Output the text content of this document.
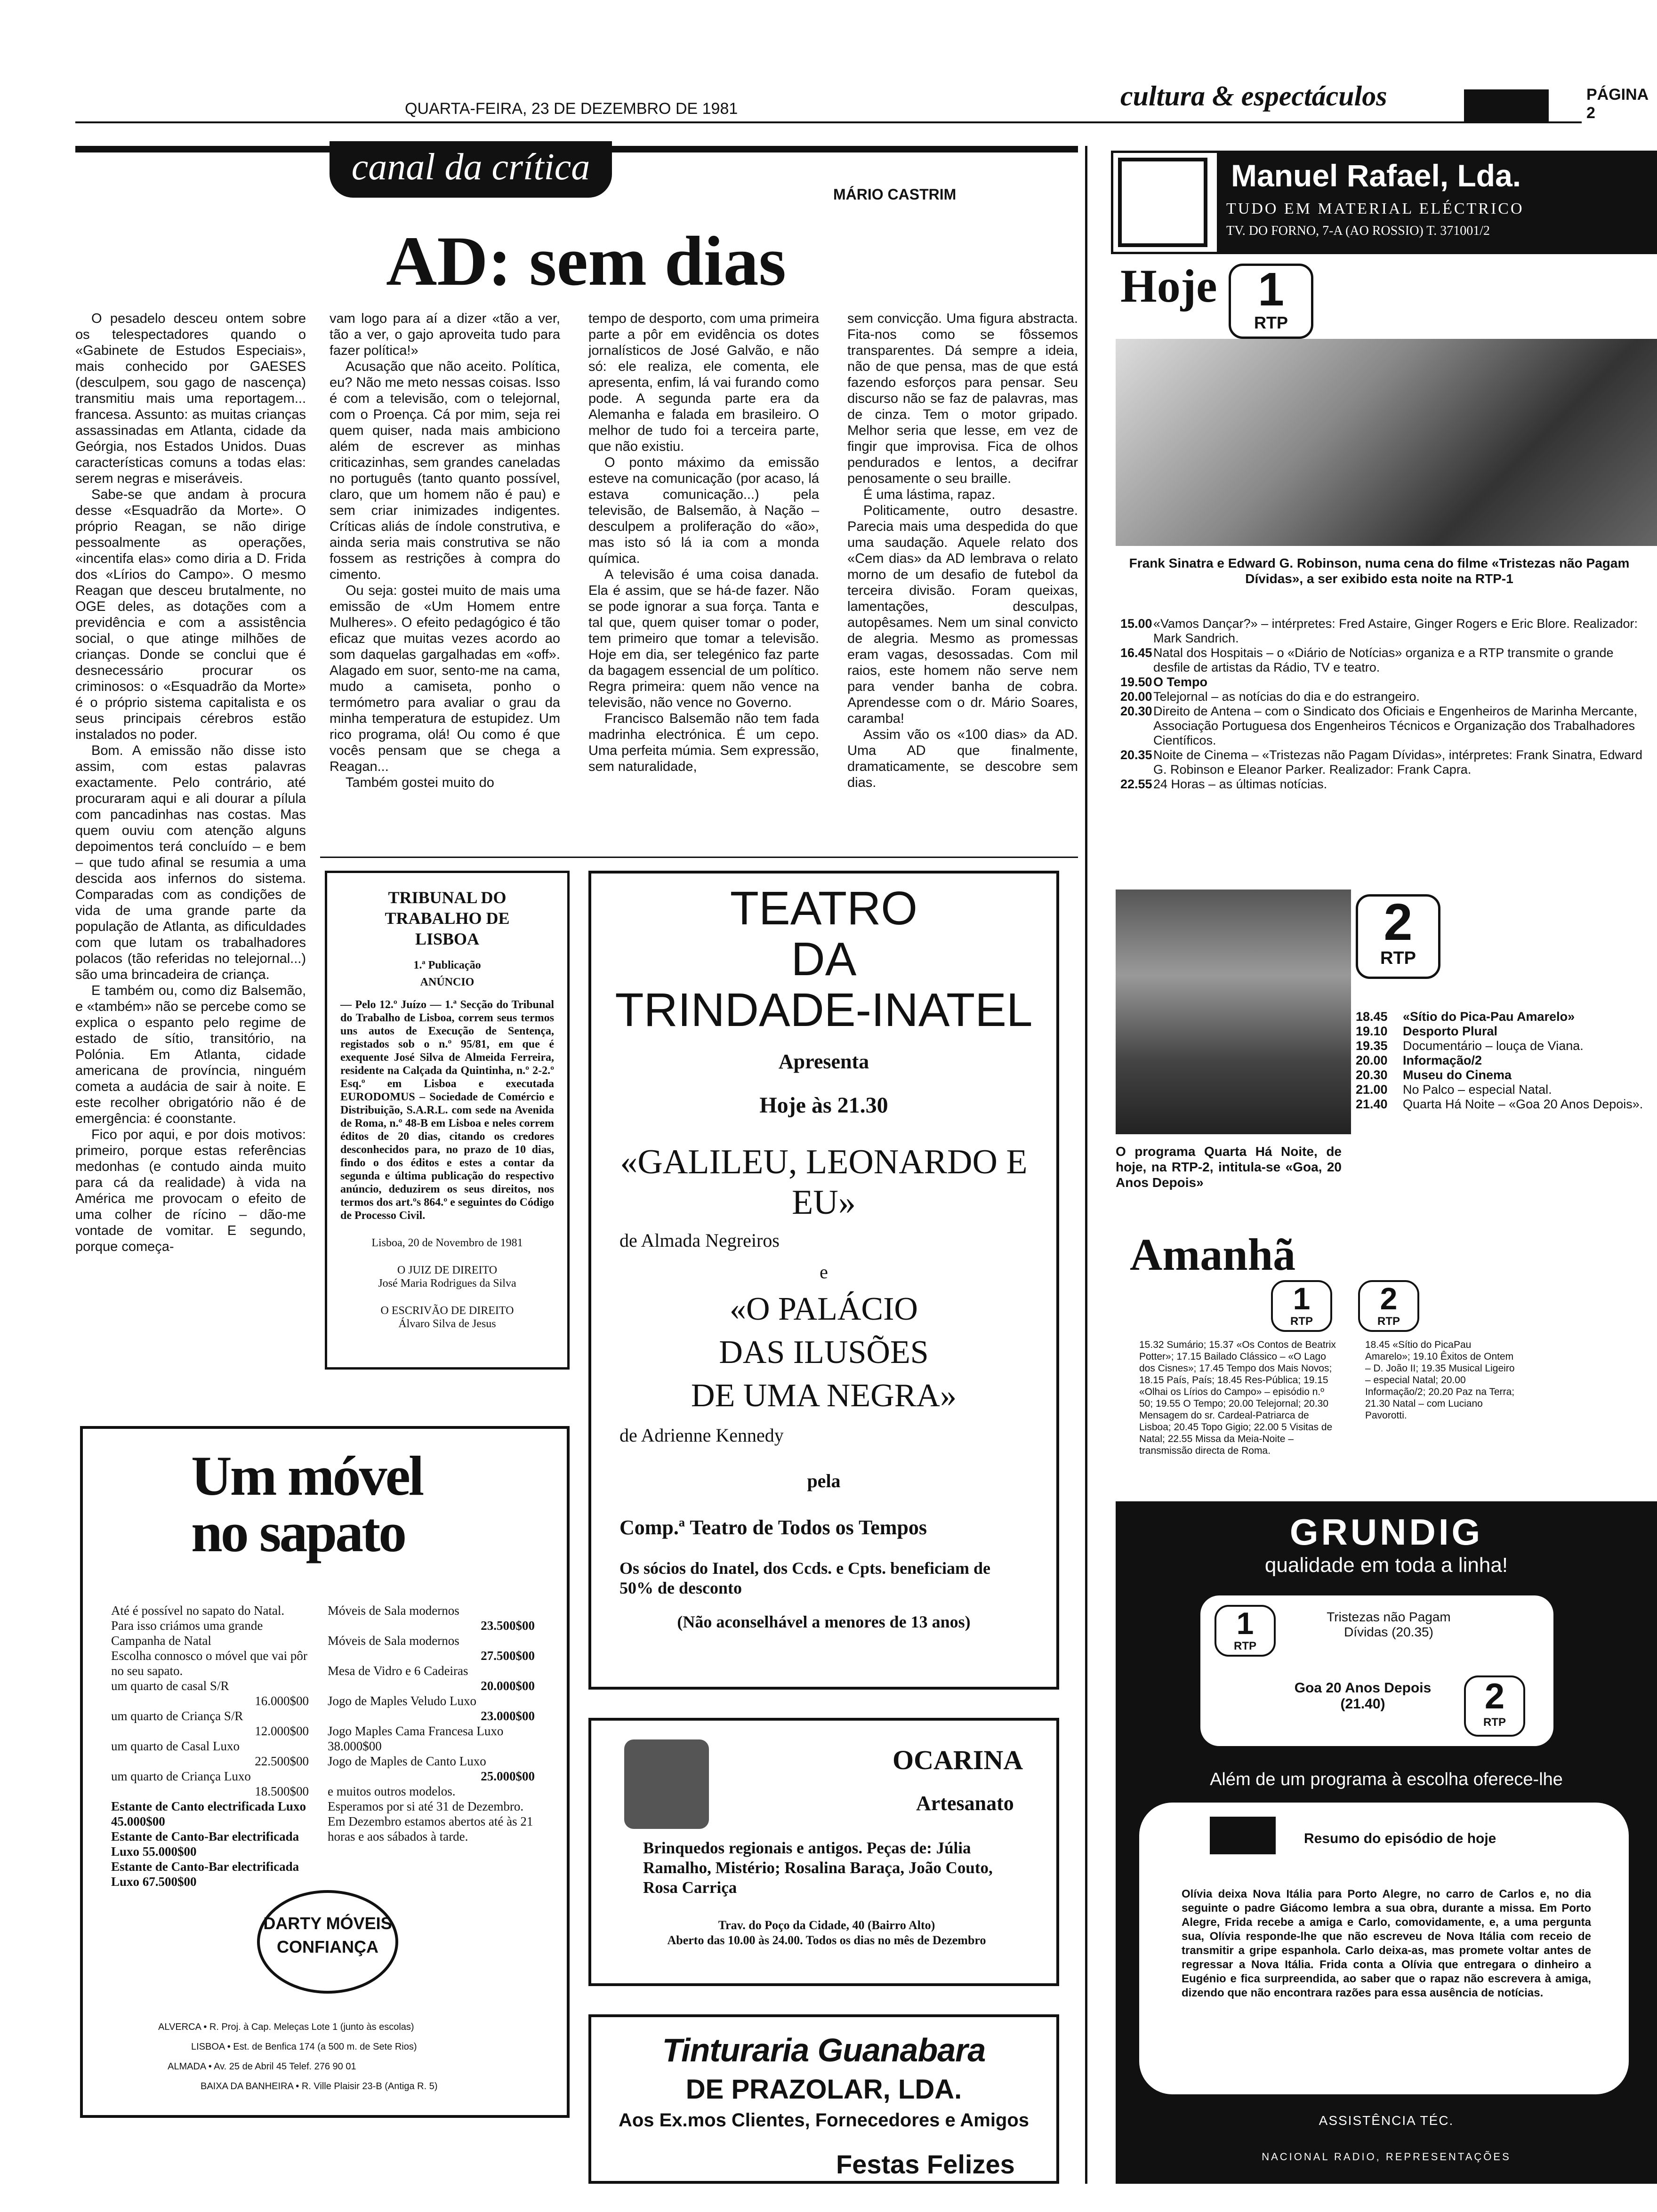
QUARTA-FEIRA, 23 DE DEZEMBRO DE 1981	cultura & espectáculos	PÁGINA 2
canal da crítica
MÁRIO CASTRIM
AD: sem dias

O pesadelo desceu ontem sobre os telespectadores quando o «Gabinete de Estudos Especiais», mais conhecido por GAESES (desculpem, sou gago de nascença) transmitiu mais uma reportagem... francesa. Assunto: as muitas crianças assassinadas em Atlanta, cidade da Geórgia, nos Estados Unidos. Duas características comuns a todas elas: serem negras e miseráveis.

Sabe-se que andam à procura desse «Esquadrão da Morte». O próprio Reagan, se não dirige pessoalmente as operações, «incentifa elas» como diria a D. Frida dos «Lírios do Campo». O mesmo Reagan que desceu brutalmente, no OGE deles, as dotações com a previdência e com a assistência social, o que atinge milhões de crianças. Donde se conclui que é desnecessário procurar os criminosos: o «Esquadrão da Morte» é o próprio sistema capitalista e os seus principais cérebros estão instalados no poder.

Bom. A emissão não disse isto assim, com estas palavras exactamente. Pelo contrário, até procuraram aqui e ali dourar a pílula com pancadinhas nas costas. Mas quem ouviu com atenção alguns depoimentos terá concluído – e bem – que tudo afinal se resumia a uma descida aos infernos do sistema. Comparadas com as condições de vida de uma grande parte da população de Atlanta, as dificuldades com que lutam os trabalhadores polacos (tão referidas no telejornal...) são uma brincadeira de criança.

E também ou, como diz Balsemão, e «também» não se percebe como se explica o espanto pelo regime de estado de sítio, transitório, na Polónia. Em Atlanta, cidade americana de província, ninguém cometa a audácia de sair à noite. E este recolher obrigatório não é de emergência: é coonstante.

Fico por aqui, e por dois motivos: primeiro, porque estas referências medonhas (e contudo ainda muito para cá da realidade) à vida na América me provocam o efeito de uma colher de rícino – dão-me vontade de vomitar. E segundo, porque começa-

vam logo para aí a dizer «tão a ver, tão a ver, o gajo aproveita tudo para fazer política!»

Acusação que não aceito. Política, eu? Não me meto nessas coisas. Isso é com a televisão, com o telejornal, com o Proença. Cá por mim, seja rei quem quiser, nada mais ambiciono além de escrever as minhas criticazinhas, sem grandes caneladas no português (tanto quanto possível, claro, que um homem não é pau) e sem criar inimizades indigentes. Críticas aliás de índole construtiva, e ainda seria mais construtiva se não fossem as restrições à compra do cimento.

Ou seja: gostei muito de mais uma emissão de «Um Homem entre Mulheres». O efeito pedagógico é tão eficaz que muitas vezes acordo ao som daquelas gargalhadas em «off». Alagado em suor, sento-me na cama, mudo a camiseta, ponho o termómetro para avaliar o grau da minha temperatura de estupidez. Um rico programa, olá! Ou como é que vocês pensam que se chega a Reagan...

Também gostei muito do

tempo de desporto, com uma primeira parte a pôr em evidência os dotes jornalísticos de José Galvão, e não só: ele realiza, ele comenta, ele apresenta, enfim, lá vai furando como pode. A segunda parte era da Alemanha e falada em brasileiro. O melhor de tudo foi a terceira parte, que não existiu.

O ponto máximo da emissão esteve na comunicação (por acaso, lá estava comunicação...) pela televisão, de Balsemão, à Nação – desculpem a proliferação do «ão», mas isto só lá ia com a monda química.

A televisão é uma coisa danada. Ela é assim, que se há-de fazer. Não se pode ignorar a sua força. Tanta e tal que, quem quiser tomar o poder, tem primeiro que tomar a televisão. Hoje em dia, ser telegénico faz parte da bagagem essencial de um político. Regra primeira: quem não vence na televisão, não vence no Governo.

Francisco Balsemão não tem fada madrinha electrónica. É um cepo. Uma perfeita múmia. Sem expressão, sem naturalidade,

sem convicção. Uma figura abstracta. Fita-nos como se fôssemos transparentes. Dá sempre a ideia, não de que pensa, mas de que está fazendo esforços para pensar. Seu discurso não se faz de palavras, mas de cinza. Tem o motor gripado. Melhor seria que lesse, em vez de fingir que improvisa. Fica de olhos pendurados e lentos, a decifrar penosamente o seu braille.

É uma lástima, rapaz.

Politicamente, outro desastre. Parecia mais uma despedida do que uma saudação. Aquele relato dos «Cem dias» da AD lembrava o relato morno de um desafio de futebol da terceira divisão. Foram queixas, lamentações, desculpas, autopêsames. Nem um sinal convicto de alegria. Mesmo as promessas eram vagas, desossadas. Com mil raios, este homem não serve nem para vender banha de cobra. Aprendesse com o dr. Mário Soares, caramba!

Assim vão os «100 dias» da AD. Uma AD que finalmente, dramaticamente, se descobre sem dias.

TRIBUNAL DO TRABALHO DE LISBOA
1.ª Publicação
ANÚNCIO
— Pelo 12.º Juízo — 1.ª Secção do Tribunal do Trabalho de Lisboa, correm seus termos uns autos de Execução de Sentença, registados sob o n.º 95/81, em que é exequente José Silva de Almeida Ferreira, residente na Calçada da Quintinha, n.º 2-2.º Esq.º em Lisboa e executada EURODOMUS – Sociedade de Comércio e Distribuição, S.A.R.L. com sede na Avenida de Roma, n.º 48-B em Lisboa e neles correm éditos de 20 dias, citando os credores desconhecidos para, no prazo de 10 dias, findo o dos éditos e estes a contar da segunda e última publicação do respectivo anúncio, deduzirem os seus direitos, nos termos dos art.ºs 864.º e seguintes do Código de Processo Civil.
Lisboa, 20 de Novembro de 1981
O JUIZ DE DIREITO
José Maria Rodrigues da Silva
O ESCRIVÃO DE DIREITO
Álvaro Silva de Jesus
TEATRO
DA
TRINDADE-INATEL
Apresenta
Hoje às 21.30
«GALILEU, LEONARDO E EU»
de Almada Negreiros
e
«O PALÁCIO
DAS ILUSÕES
DE UMA NEGRA»
de Adrienne Kennedy
pela
Comp.ª Teatro de Todos os Tempos
Os sócios do Inatel, dos Ccds. e Cpts. beneficiam de 50% de desconto
(Não aconselhável a menores de 13 anos)
Um móvel
no sapato
Até é possível no sapato do Natal.
Para isso criámos uma grande Campanha de Natal
Escolha connosco o móvel que vai pôr no seu sapato.
um quarto de casal S/R
16.000$00
um quarto de Criança S/R
12.000$00
um quarto de Casal Luxo
22.500$00
um quarto de Criança Luxo
18.500$00
Estante de Canto electrificada Luxo 45.000$00
Estante de Canto-Bar electrificada Luxo 55.000$00
Estante de Canto-Bar electrificada Luxo 67.500$00
Móveis de Sala modernos
23.500$00
Móveis de Sala modernos
27.500$00
Mesa de Vidro e 6 Cadeiras
20.000$00
Jogo de Maples Veludo Luxo
23.000$00
Jogo Maples Cama Francesa Luxo 38.000$00
Jogo de Maples de Canto Luxo
25.000$00
e muitos outros modelos.
Esperamos por si até 31 de Dezembro.
Em Dezembro estamos abertos até às 21 horas e aos sábados à tarde.
DARTY MÓVEIS CONFIANÇA
ALVERCA • R. Proj. à Cap. Meleças Lote 1 (junto às escolas)
LISBOA • Est. de Benfica 174 (a 500 m. de Sete Rios)
ALMADA • Av. 25 de Abril 45 Telef. 276 90 01
BAIXA DA BANHEIRA • R. Ville Plaisir 23-B (Antiga R. 5)
OCARINA
Artesanato
Brinquedos regionais e antigos. Peças de: Júlia Ramalho, Mistério; Rosalina Baraça, João Couto, Rosa Carriça
Trav. do Poço da Cidade, 40 (Bairro Alto)
Aberto das 10.00 às 24.00. Todos os dias no mês de Dezembro
Tinturaria Guanabara
DE PRAZOLAR, LDA.
Aos Ex.mos Clientes, Fornecedores e Amigos
Festas Felizes
Manuel Rafael, Lda.
TUDO EM MATERIAL ELÉCTRICO
TV. DO FORNO, 7-A (AO ROSSIO) T. 371001/2
Hoje 1
RTP
Frank Sinatra e Edward G. Robinson, numa cena do filme «Tristezas não Pagam Dívidas», a ser exibido esta noite na RTP-1
15.00 «Vamos Dançar?» – intérpretes: Fred Astaire, Ginger Rogers e Eric Blore. Realizador: Mark Sandrich.
16.45 Natal dos Hospitais – o «Diário de Notícias» organiza e a RTP transmite o grande desfile de artistas da Rádio, TV e teatro.
19.50 O Tempo
20.00 Telejornal – as notícias do dia e do estrangeiro.
20.30 Direito de Antena – com o Sindicato dos Oficiais e Engenheiros de Marinha Mercante, Associação Portuguesa dos Engenheiros Técnicos e Organização dos Trabalhadores Científicos.
20.35 Noite de Cinema – «Tristezas não Pagam Dívidas», intérpretes: Frank Sinatra, Edward G. Robinson e Eleanor Parker. Realizador: Frank Capra.
22.55 24 Horas – as últimas notícias.
2
RTP
18.45	«Sítio do Pica-Pau Amarelo»
19.10	Desporto Plural
19.35	Documentário – louça de Viana.
20.00	Informação/2
20.30	Museu do Cinema
21.00	No Palco – especial Natal.
21.40	Quarta Há Noite – «Goa 20 Anos Depois».
O programa Quarta Há Noite, de hoje, na RTP-2, intitula-se «Goa, 20 Anos Depois»
Amanhã
1
RTP
2
RTP
15.32 Sumário; 15.37 «Os Contos de Beatrix Potter»; 17.15 Bailado Clássico – «O Lago dos Cisnes»; 17.45 Tempo dos Mais Novos; 18.15 País, País; 18.45 Res-Pública; 19.15 «Olhai os Lírios do Campo» – episódio n.º 50; 19.55 O Tempo; 20.00 Telejornal; 20.30 Mensagem do sr. Cardeal-Patriarca de Lisboa; 20.45 Topo Gigio; 22.00 5 Visitas de Natal; 22.55 Missa da Meia-Noite – transmissão directa de Roma.
18.45 «Sítio do PicaPau Amarelo»; 19.10 Êxitos de Ontem – D. João II; 19.35 Musical Ligeiro – especial Natal; 20.00 Informação/2; 20.20 Paz na Terra; 21.30 Natal – com Luciano Pavorotti.
GRUNDIG
qualidade em toda a linha!
1
RTP
Tristezas não Pagam Dívidas (20.35)
Goa 20 Anos Depois (21.40)	2
RTP
Além de um programa à escolha oferece-lhe
Resumo do episódio de hoje
Olívia deixa Nova Itália para Porto Alegre, no carro de Carlos e, no dia seguinte o padre Giácomo lembra a sua obra, durante a missa. Em Porto Alegre, Frida recebe a amiga e Carlo, comovidamente, e, a uma pergunta sua, Olívia responde-lhe que não escreveu de Nova Itália com receio de transmitir a gripe espanhola. Carlo deixa-as, mas promete voltar antes de regressar a Nova Itália. Frida conta a Olívia que entregara o dinheiro a Eugénio e fica surpreendida, ao saber que o rapaz não escrevera à amiga, dizendo que não encontrara razões para essa ausência de notícias.
ASSISTÊNCIA TÉC.
NACIONAL RADIO, REPRESENTAÇÕES
